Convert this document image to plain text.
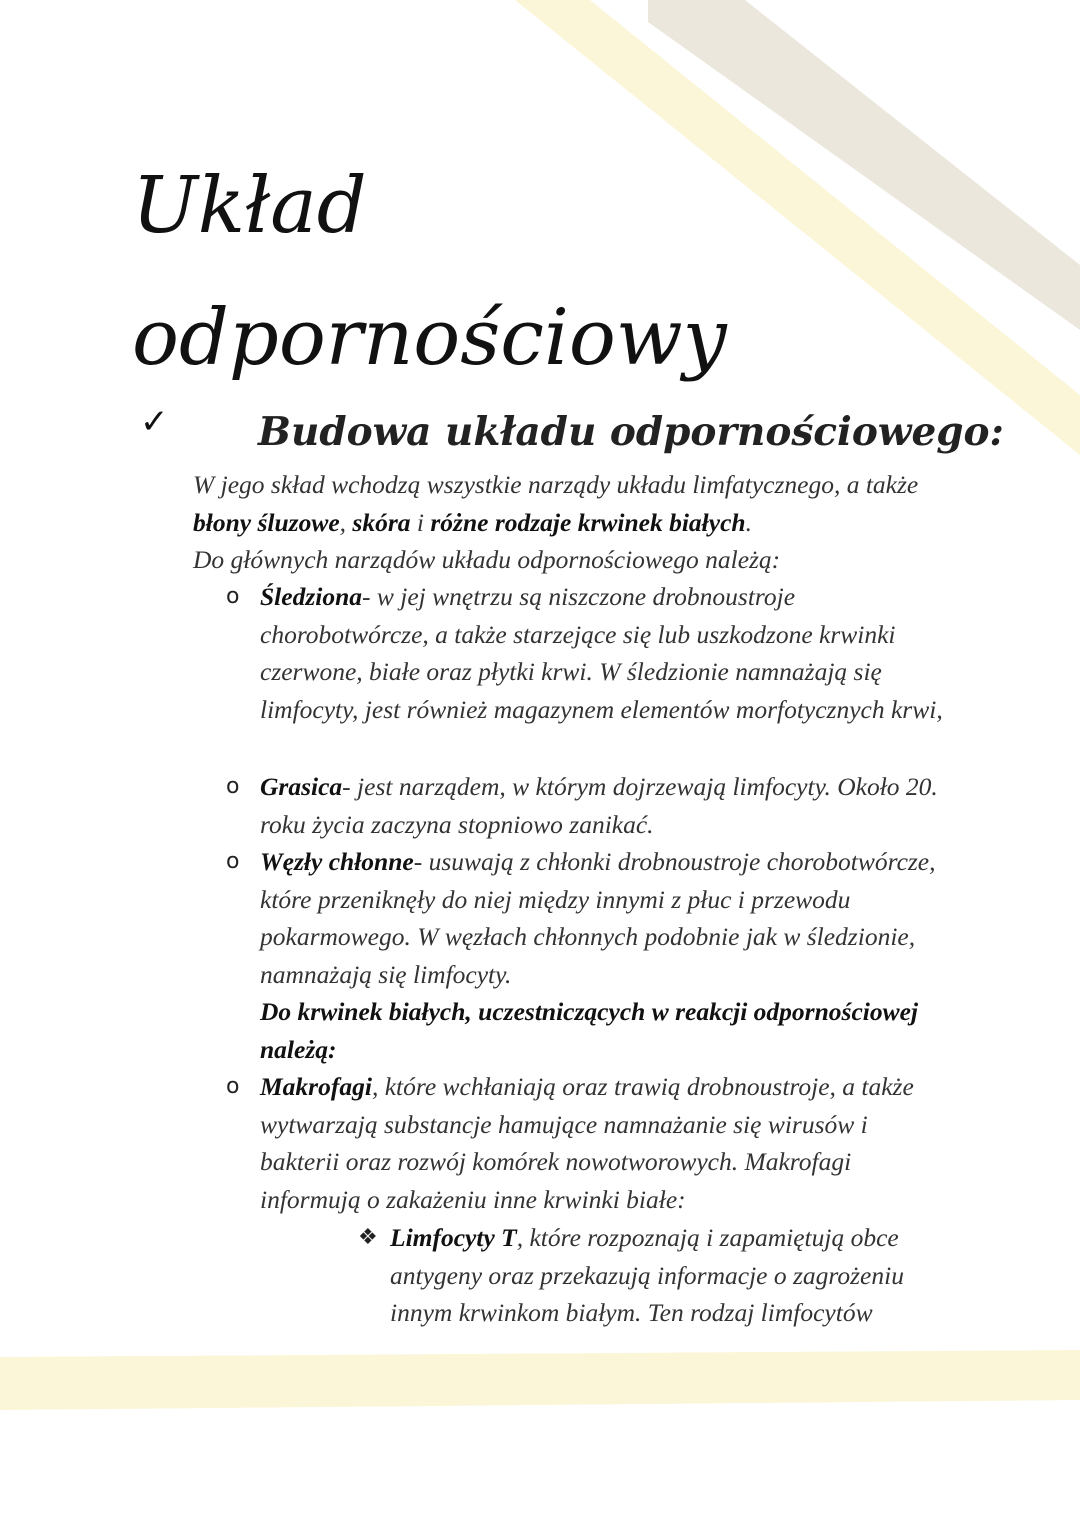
Układ
odpornościowy
✓ Budowa układu odpornościowego:
W jego skład wchodzą wszystkie narządy układu limfatycznego, a także błony śluzowe, skóra i różne rodzaje krwinek białych.
Do głównych narządów układu odpornościowego należą:
o Śledziona- w jej wnętrzu są niszczone drobnoustroje chorobotwórcze, a także starzejące się lub uszkodzone krwinki czerwone, białe oraz płytki krwi. W śledzionie namnażają się limfocyty, jest również magazynem elementów morfotycznych krwi,
o Grasica- jest narządem, w którym dojrzewają limfocyty. Około 20. roku życia zaczyna stopniowo zanikać.
o Węzły chłonne- usuwają z chłonki drobnoustroje chorobotwórcze, które przeniknęły do niej między innymi z płuc i przewodu pokarmowego. W węzłach chłonnych podobnie jak w śledzionie, namnażają się limfocyty.
Do krwinek białych, uczestniczących w reakcji odpornościowej należą:
o Makrofagi, które wchłaniają oraz trawią drobnoustroje, a także wytwarzają substancje hamujące namnażanie się wirusów i bakterii oraz rozwój komórek nowotworowych. Makrofagi informują o zakażeniu inne krwinki białe:
❖ Limfocyty T, które rozpoznają i zapamiętują obce antygeny oraz przekazują informacje o zagrożeniu innym krwinkom białym. Ten rodzaj limfocytów
